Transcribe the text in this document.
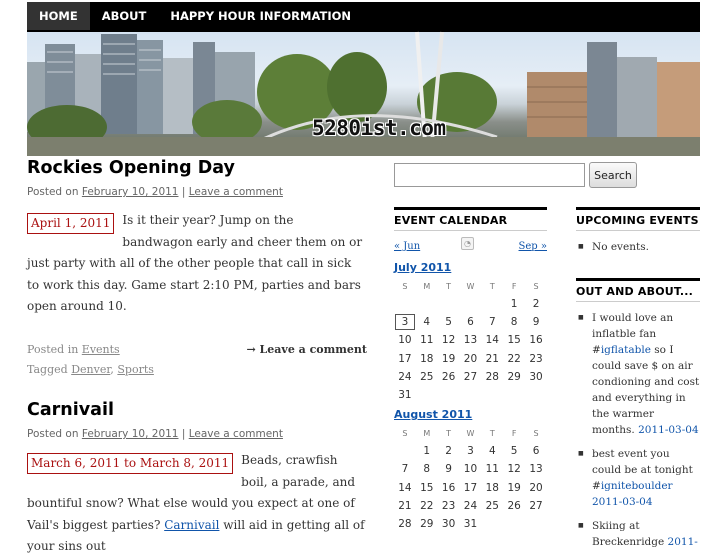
HOME	ABOUT	HAPPY HOUR INFORMATION
5280ist.com
Rockies Opening Day
Posted on February 10, 2011 | Leave a comment
April 1, 2011	Is it their year? Jump on the bandwagon early and cheer them on or just party with all of the other people that call in sick to work this day. Game start 2:10 PM, parties and bars open around 10.
Posted in Events	→ Leave a comment

Tagged Denver, Sports
Carnivail
Posted on February 10, 2011 | Leave a comment
March 6, 2011 to March 8, 2011	Beads, crawfish boil, a parade, and bountiful snow? What else would you expect at one of Vail's biggest parties? Carnivail will aid in getting all of your sins out
Search
EVENT CALENDAR
« Jun	◔	Sep »
July 2011
S	M	T	W	T	F	S
					1	2
3	4	5	6	7	8	9
10	11	12	13	14	15	16
17	18	19	20	21	22	23
24	25	26	27	28	29	30
31						
August 2011
S	M	T	W	T	F	S
	1	2	3	4	5	6
7	8	9	10	11	12	13
14	15	16	17	18	19	20
21	22	23	24	25	26	27
28	29	30	31			
UPCOMING EVENTS
■ No events.
OUT AND ABOUT...
■ I would love an inflatble fan #igflatable so I could save $ on air condioning and cost and everything in the warmer months. 2011-03-04
■ best event you could be at tonight #igniteboulder 2011-03-04
■ Skiing at Breckenridge 2011-
